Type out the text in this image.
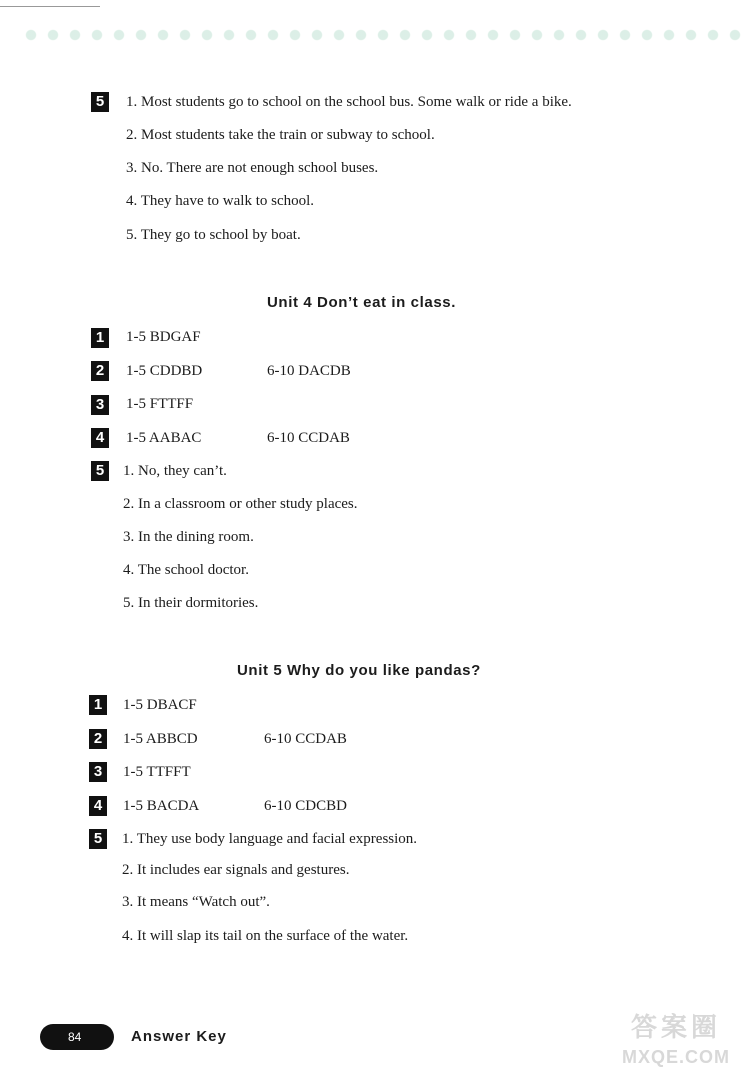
5	1. Most students go to school on the school bus. Some walk or ride a bike.
2. Most students take the train or subway to school.
3. No. There are not enough school buses.
4. They have to walk to school.
5. They go to school by boat.
Unit 4 Don’t eat in class.
1	1-5 BDGAF
2	1-5 CDDBD	6-10 DACDB
3	1-5 FTTFF
4	1-5 AABAC	6-10 CCDAB
5	1. No, they can’t.
2. In a classroom or other study places.
3. In the dining room.
4. The school doctor.
5. In their dormitories.
Unit 5 Why do you like pandas?
1	1-5 DBACF
2	1-5 ABBCD	6-10 CCDAB
3	1-5 TTFFT
4	1-5 BACDA	6-10 CDCBD
5	1. They use body language and facial expression.
2. It includes ear signals and gestures.
3. It means “Watch out”.
4. It will slap its tail on the surface of the water.
84	Answer Key	答案圈
MXQE.COM
